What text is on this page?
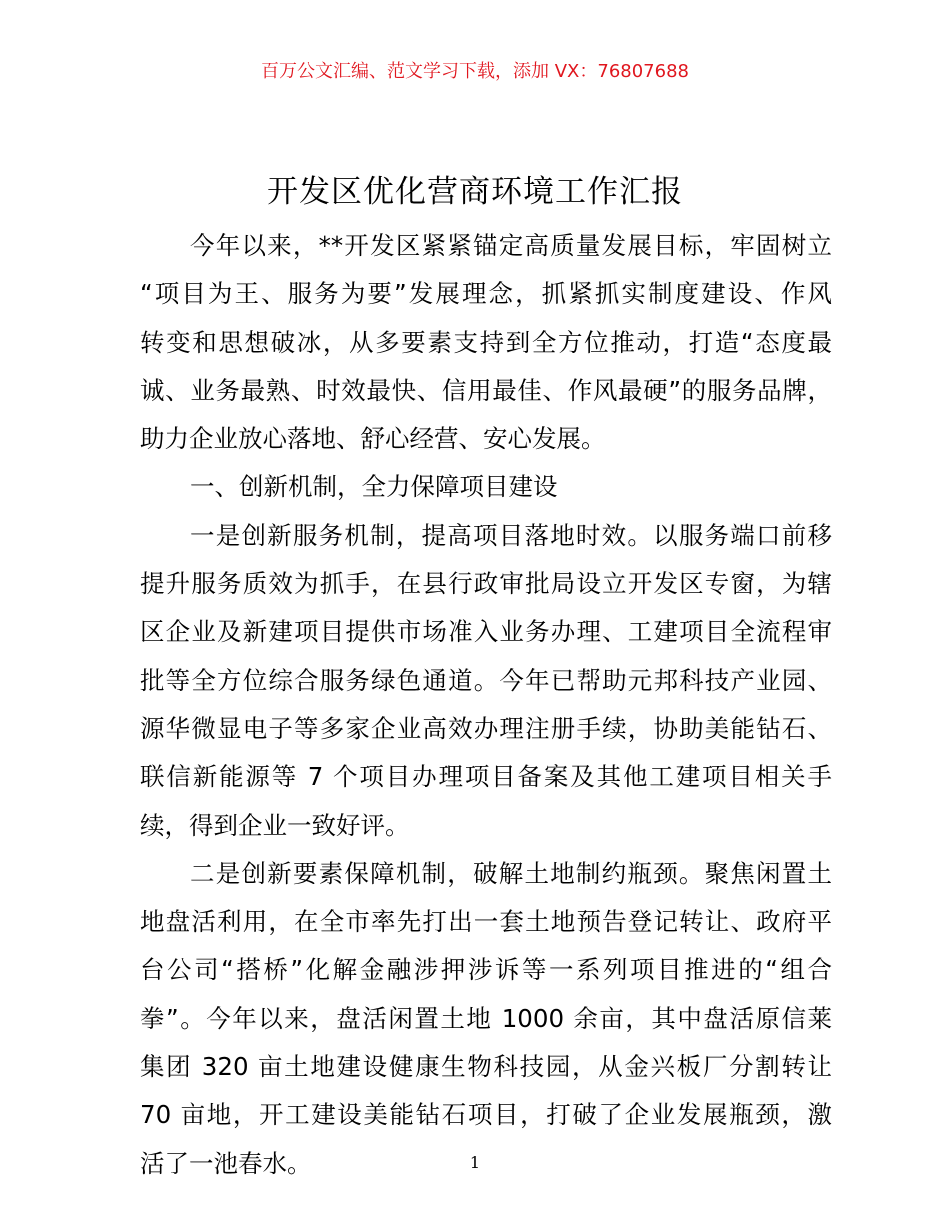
百万公文汇编、范文学习下载，添加 VX：76807688
开发区优化营商环境工作汇报
今年以来，**开发区紧紧锚定高质量发展目标，牢固树立
“项目为王、服务为要”发展理念，抓紧抓实制度建设、作风
转变和思想破冰，从多要素支持到全方位推动，打造“态度最
诚、业务最熟、时效最快、信用最佳、作风最硬”的服务品牌，
助力企业放心落地、舒心经营、安心发展。
一、创新机制，全力保障项目建设
一是创新服务机制，提高项目落地时效。以服务端口前移
提升服务质效为抓手，在县行政审批局设立开发区专窗，为辖
区企业及新建项目提供市场准入业务办理、工建项目全流程审
批等全方位综合服务绿色通道。今年已帮助元邦科技产业园、
源华微显电子等多家企业高效办理注册手续，协助美能钻石、
联信新能源等 7 个项目办理项目备案及其他工建项目相关手
续，得到企业一致好评。
二是创新要素保障机制，破解土地制约瓶颈。聚焦闲置土
地盘活利用，在全市率先打出一套土地预告登记转让、政府平
台公司“搭桥”化解金融涉押涉诉等一系列项目推进的“组合
拳”。今年以来，盘活闲置土地 1000 余亩，其中盘活原信莱
集团 320 亩土地建设健康生物科技园，从金兴板厂分割转让
70 亩地，开工建设美能钻石项目，打破了企业发展瓶颈，激
活了一池春水。	1
